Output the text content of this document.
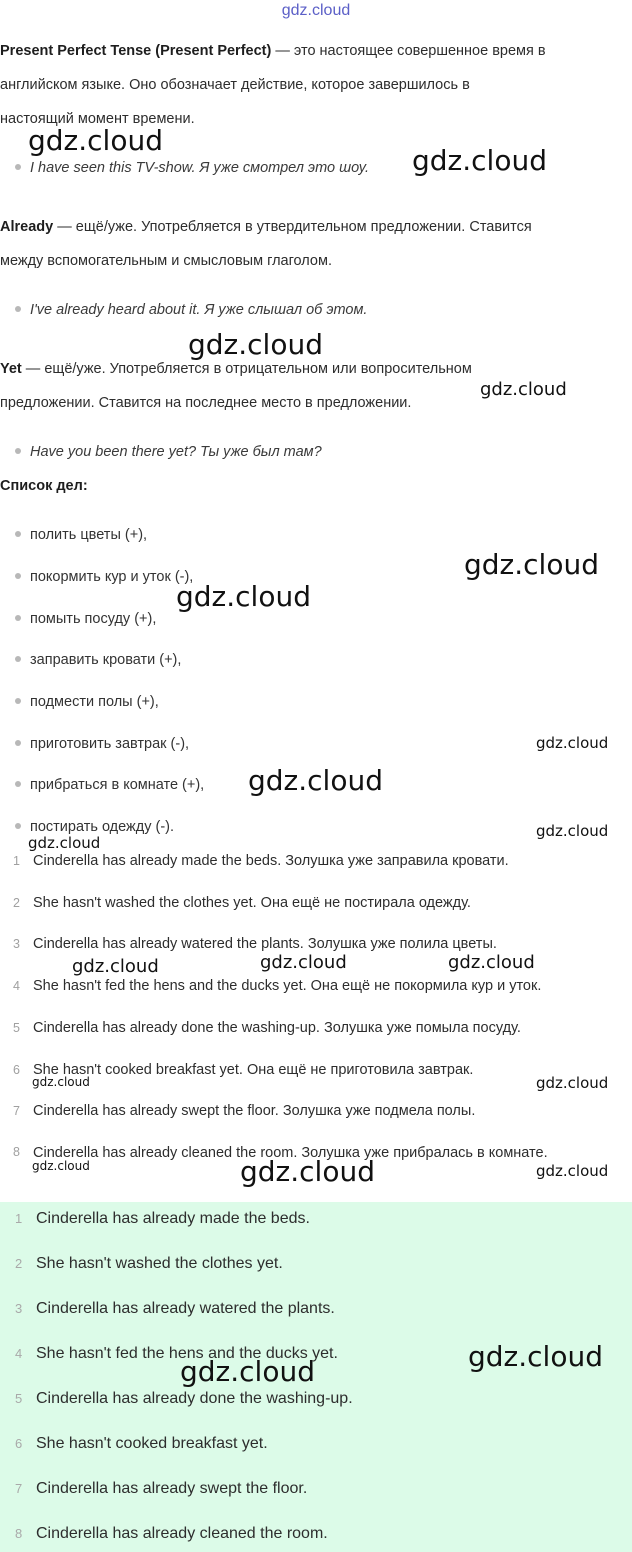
gdz.cloud
Present Perfect Tense (Present Perfect) — это настоящее совершенное время в
английском языке. Оно обозначает действие, которое завершилось в
настоящий момент времени.
I have seen this TV-show. Я уже смотрел это шоу.
Already — ещё/уже. Употребляется в утвердительном предложении. Ставится
между вспомогательным и смысловым глаголом.
I've already heard about it. Я уже слышал об этом.
Yet — ещё/уже. Употребляется в отрицательном или вопросительном
предложении. Ставится на последнее место в предложении.
Have you been there yet? Ты уже был там?
Список дел:
полить цветы (+),
покормить кур и уток (-),
помыть посуду (+),
заправить кровати (+),
подмести полы (+),
приготовить завтрак (-),
прибраться в комнате (+),
постирать одежду (-).
1 Cinderella has already made the beds. Золушка уже заправила кровати.
2 She hasn't washed the clothes yet. Она ещё не постирала одежду.
3 Cinderella has already watered the plants. Золушка уже полила цветы.
4 She hasn't fed the hens and the ducks yet. Она ещё не покормила кур и уток.
5 Cinderella has already done the washing-up. Золушка уже помыла посуду.
6 She hasn't cooked breakfast yet. Она ещё не приготовила завтрак.
7 Cinderella has already swept the floor. Золушка уже подмела полы.
8 Cinderella has already cleaned the room. Золушка уже прибралась в комнате.
1 Cinderella has already made the beds.
2 She hasn't washed the clothes yet.
3 Cinderella has already watered the plants.
4 She hasn't fed the hens and the ducks yet.
5 Cinderella has already done the washing-up.
6 She hasn't cooked breakfast yet.
7 Cinderella has already swept the floor.
8 Cinderella has already cleaned the room.
gdz.cloud
gdz.cloud
gdz.cloud
gdz.cloud
gdz.cloud
gdz.cloud
gdz.cloud
gdz.cloud
gdz.cloud
gdz.cloud
gdz.cloud	gdz.cloud	gdz.cloud
gdz.cloud	gdz.cloud
gdz.cloud	gdz.cloud	gdz.cloud
gdz.cloud
gdz.cloud
